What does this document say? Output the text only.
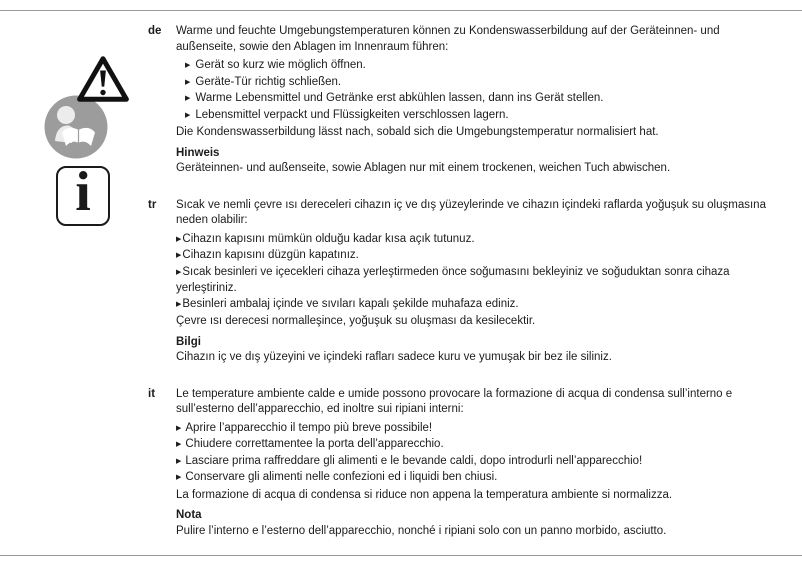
i
de	Warme und feuchte Umgebungstemperaturen können zu Kondenswasserbildung auf der Geräteinnen- und außenseite, sowie den Ablagen im Innenraum führen:

▶ Gerät so kurz wie möglich öffnen.
▶ Geräte-Tür richtig schließen.
▶ Warme Lebensmittel und Getränke erst abkühlen lassen, dann ins Gerät stellen.
▶ Lebensmittel verpackt und Flüssigkeiten verschlossen lagern.

Die Kondenswasserbildung lässt nach, sobald sich die Umgebungstemperatur normalisiert hat.

Hinweis

Geräteinnen- und außenseite, sowie Ablagen nur mit einem trockenen, weichen Tuch abwischen.

tr	Sıcak ve nemli çevre ısı dereceleri cihazın iç ve dış yüzeylerinde ve cihazın içindeki raflarda yoğuşuk su oluşmasına neden olabilir:

▶Cihazın kapısını mümkün olduğu kadar kısa açık tutunuz.
▶Cihazın kapısını düzgün kapatınız.
▶Sıcak besinleri ve içecekleri cihaza yerleştirmeden önce soğumasını bekleyiniz ve soğuduktan sonra cihaza yerleştiriniz.
▶Besinleri ambalaj içinde ve sıvıları kapalı şekilde muhafaza ediniz.

Çevre ısı derecesi normalleşince, yoğuşuk su oluşması da kesilecektir.

Bilgi

Cihazın iç ve dış yüzeyini ve içindeki rafları sadece kuru ve yumuşak bir bez ile siliniz.

it	Le temperature ambiente calde e umide possono provocare la formazione di acqua di condensa sull’interno e sull’esterno dell’apparecchio, ed inoltre sui ripiani interni:

▶ Aprire l’apparecchio il tempo più breve possibile!
▶ Chiudere correttamentee la porta dell’apparecchio.
▶ Lasciare prima raffreddare gli alimenti e le bevande caldi, dopo introdurli nell’apparecchio!
▶ Conservare gli alimenti nelle confezioni ed i liquidi ben chiusi.

La formazione di acqua di condensa si riduce non appena la temperatura ambiente si normalizza.

Nota

Pulire l’interno e l’esterno dell’apparecchio, nonché i ripiani solo con un panno morbido, asciutto.
